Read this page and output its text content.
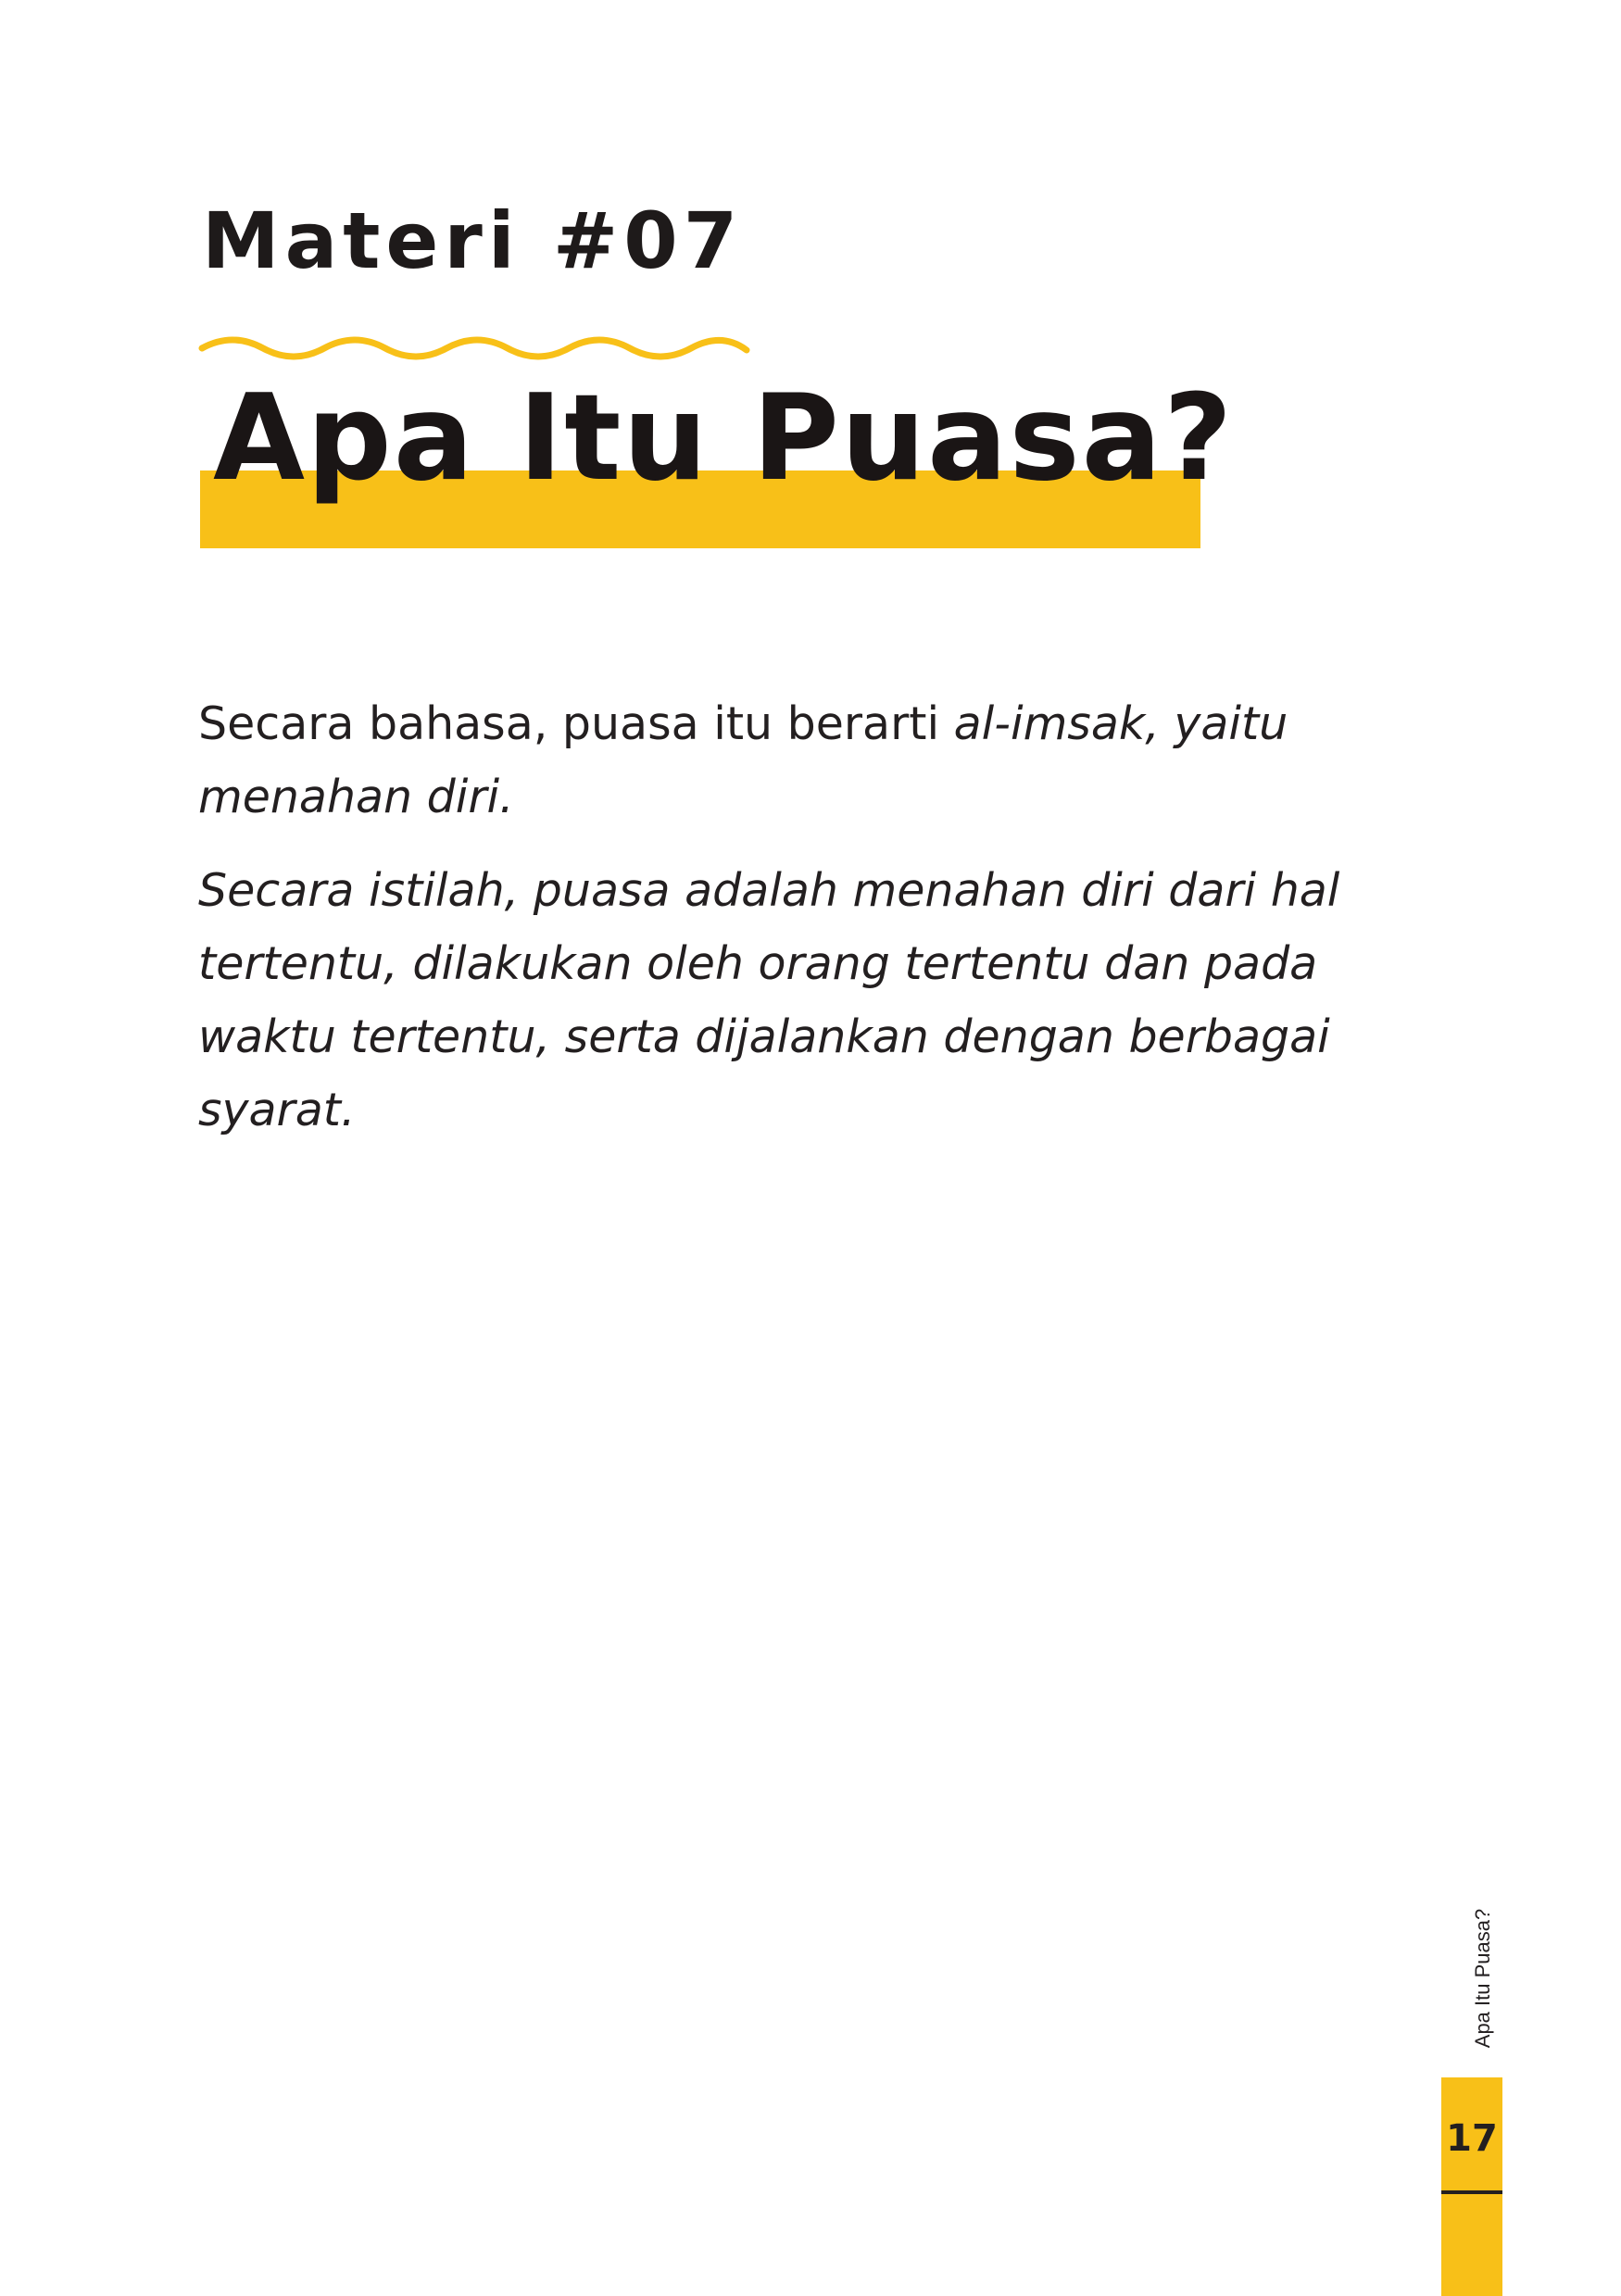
Materi #07
Apa Itu Puasa?

Secara bahasa, puasa itu berarti al-imsak, yaitu menahan diri.

Secara istilah, puasa adalah menahan diri dari hal tertentu, dilakukan oleh orang tertentu dan pada waktu tertentu, serta dijalankan dengan berbagai syarat.

Apa Itu Puasa?
17
